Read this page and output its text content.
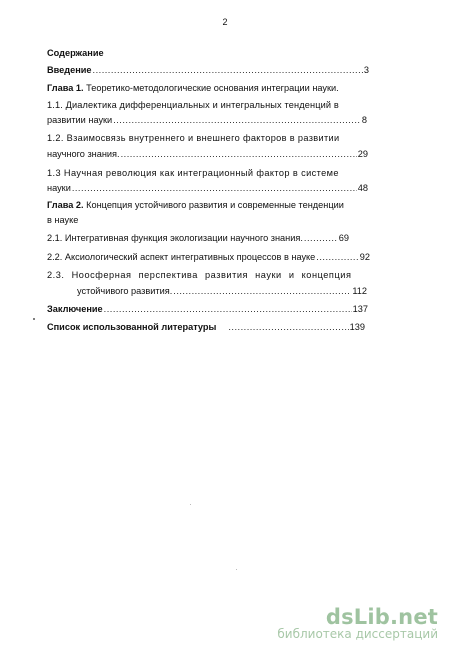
2
Содержание
Введение .....	3
Глава 1. Теоретико-методологические основания интеграции науки.
1.1. Диалектика дифференциальных и интегральных тенденций в
развитии науки .....	8
1.2. Взаимосвязь внутреннего и внешнего факторов в развитии
научного знания. .....	29
1.3 Научная революция как интеграционный фактор в системе
науки .....	48
Глава 2. Концепция устойчивого развития и современные тенденции
в науке
2.1. Интегративная функция экологизации научного знания. .....	69
2.2. Аксиологический аспект интегративных процессов в науке .....	92
2.3. Ноосферная перспектива развития науки и концепция
устойчивого развития. .....	112
Заключение .....	137
Список использованной литературы .....	139
dsLib.net
библиотека диссертаций
